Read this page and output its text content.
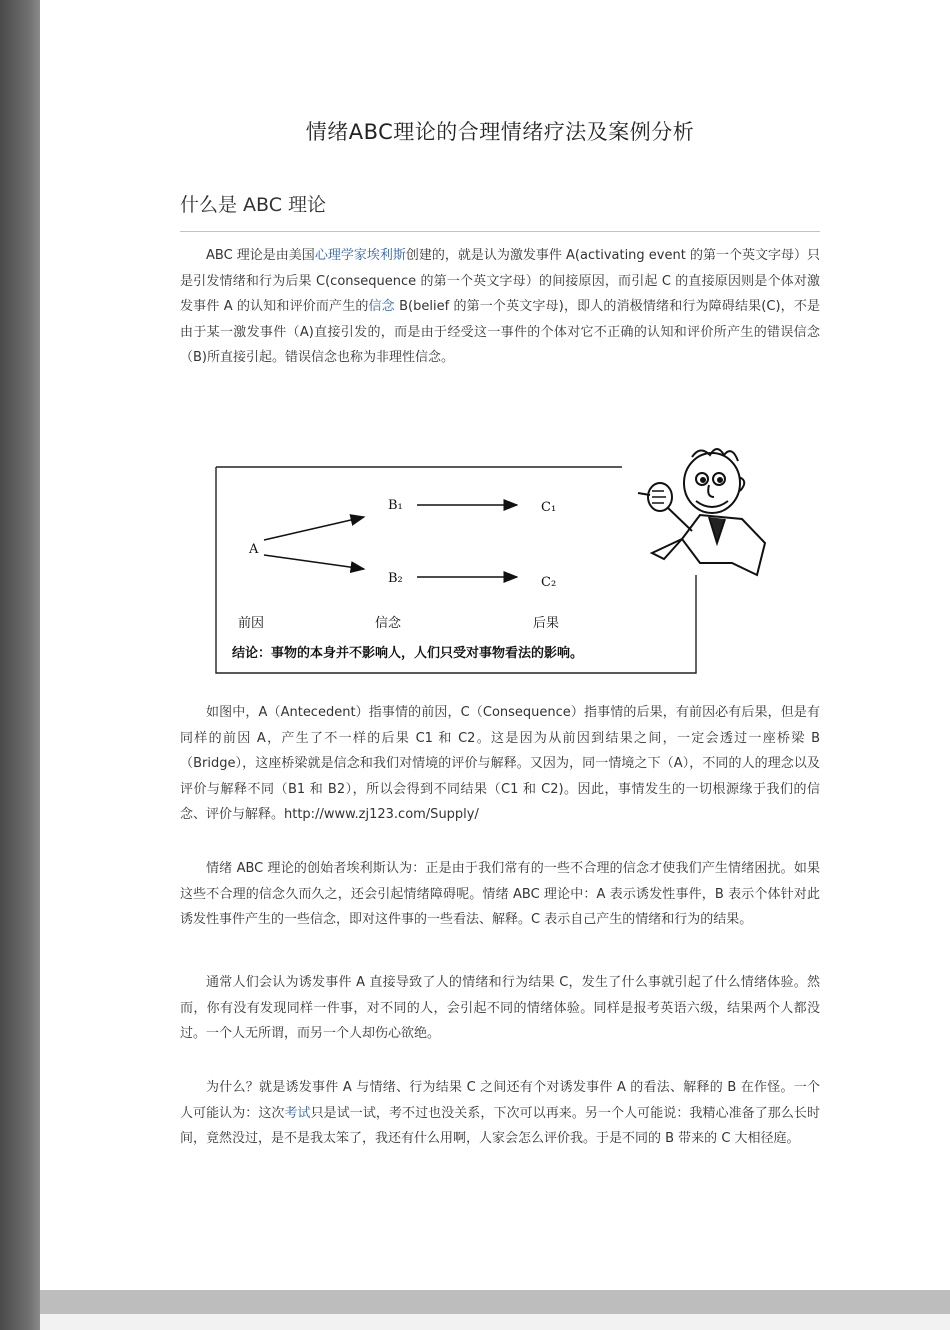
情绪ABC理论的合理情绪疗法及案例分析
什么是 ABC 理论

ABC 理论是由美国心理学家埃利斯创建的，就是认为激发事件 A(activating event 的第一个英文字母）只是引发情绪和行为后果 C(consequence 的第一个英文字母）的间接原因，而引起 C 的直接原因则是个体对激发事件 A 的认知和评价而产生的信念 B(belief 的第一个英文字母)，即人的消极情绪和行为障碍结果(C)，不是由于某一激发事件（A)直接引发的，而是由于经受这一事件的个体对它不正确的认知和评价所产生的错误信念（B)所直接引起。错误信念也称为非理性信念。

如图中，A（Antecedent）指事情的前因，C（Consequence）指事情的后果，有前因必有后果，但是有同样的前因 A，产生了不一样的后果 C1 和 C2。这是因为从前因到结果之间，一定会透过一座桥梁 B（Bridge），这座桥梁就是信念和我们对情境的评价与解释。又因为，同一情境之下（A），不同的人的理念以及评价与解释不同（B1 和 B2），所以会得到不同结果（C1 和 C2)。因此，事情发生的一切根源缘于我们的信念、评价与解释。http://www.zj123.com/Supply/

情绪 ABC 理论的创始者埃利斯认为：正是由于我们常有的一些不合理的信念才使我们产生情绪困扰。如果这些不合理的信念久而久之，还会引起情绪障碍呢。情绪 ABC 理论中：A 表示诱发性事件，B 表示个体针对此诱发性事件产生的一些信念，即对这件事的一些看法、解释。C 表示自己产生的情绪和行为的结果。

通常人们会认为诱发事件 A 直接导致了人的情绪和行为结果 C，发生了什么事就引起了什么情绪体验。然而，你有没有发现同样一件事，对不同的人，会引起不同的情绪体验。同样是报考英语六级，结果两个人都没过。一个人无所谓，而另一个人却伤心欲绝。

为什么？就是诱发事件 A 与情绪、行为结果 C 之间还有个对诱发事件 A 的看法、解释的 B 在作怪。一个人可能认为：这次考试只是试一试，考不过也没关系，下次可以再来。另一个人可能说：我精心准备了那么长时间，竟然没过，是不是我太笨了，我还有什么用啊，人家会怎么评价我。于是不同的 B 带来的 C 大相径庭。

A
B₁
B₂
C₁
C₂
前因	信念	后果
结论：事物的本身并不影响人，人们只受对事物看法的影响。
